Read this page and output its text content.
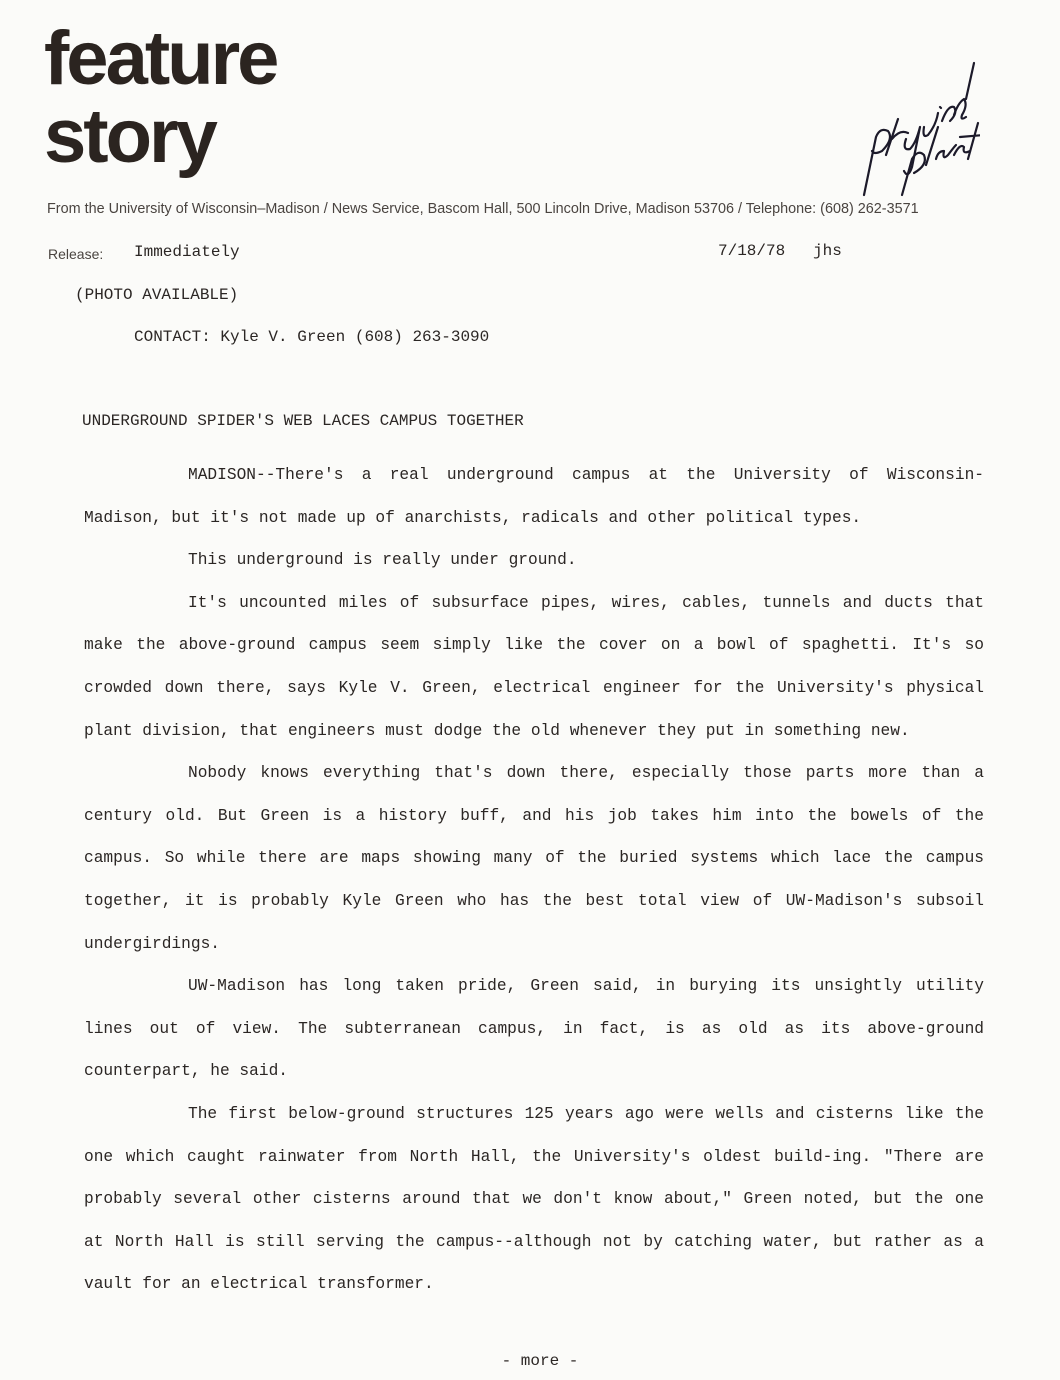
feature
story
From the University of Wisconsin–Madison / News Service, Bascom Hall, 500 Lincoln Drive, Madison 53706 / Telephone: (608) 262-3571
Release: Immediately	7/18/78 jhs
(PHOTO AVAILABLE)
CONTACT: Kyle V. Green (608) 263-3090
UNDERGROUND SPIDER'S WEB LACES CAMPUS TOGETHER

MADISON--There's a real underground campus at the University of Wisconsin-Madison, but it's not made up of anarchists, radicals and other political types.

This underground is really under ground.

It's uncounted miles of subsurface pipes, wires, cables, tunnels and ducts that make the above-ground campus seem simply like the cover on a bowl of spaghetti. It's so crowded down there, says Kyle V. Green, electrical engineer for the University's physical plant division, that engineers must dodge the old whenever they put in something new.

Nobody knows everything that's down there, especially those parts more than a century old. But Green is a history buff, and his job takes him into the bowels of the campus. So while there are maps showing many of the buried systems which lace the campus together, it is probably Kyle Green who has the best total view of UW-Madison's subsoil undergirdings.

UW-Madison has long taken pride, Green said, in burying its unsightly utility lines out of view. The subterranean campus, in fact, is as old as its above-ground counterpart, he said.

The first below-ground structures 125 years ago were wells and cisterns like the one which caught rainwater from North Hall, the University's oldest build-ing. "There are probably several other cisterns around that we don't know about," Green noted, but the one at North Hall is still serving the campus--although not by catching water, but rather as a vault for an electrical transformer.

- more -
